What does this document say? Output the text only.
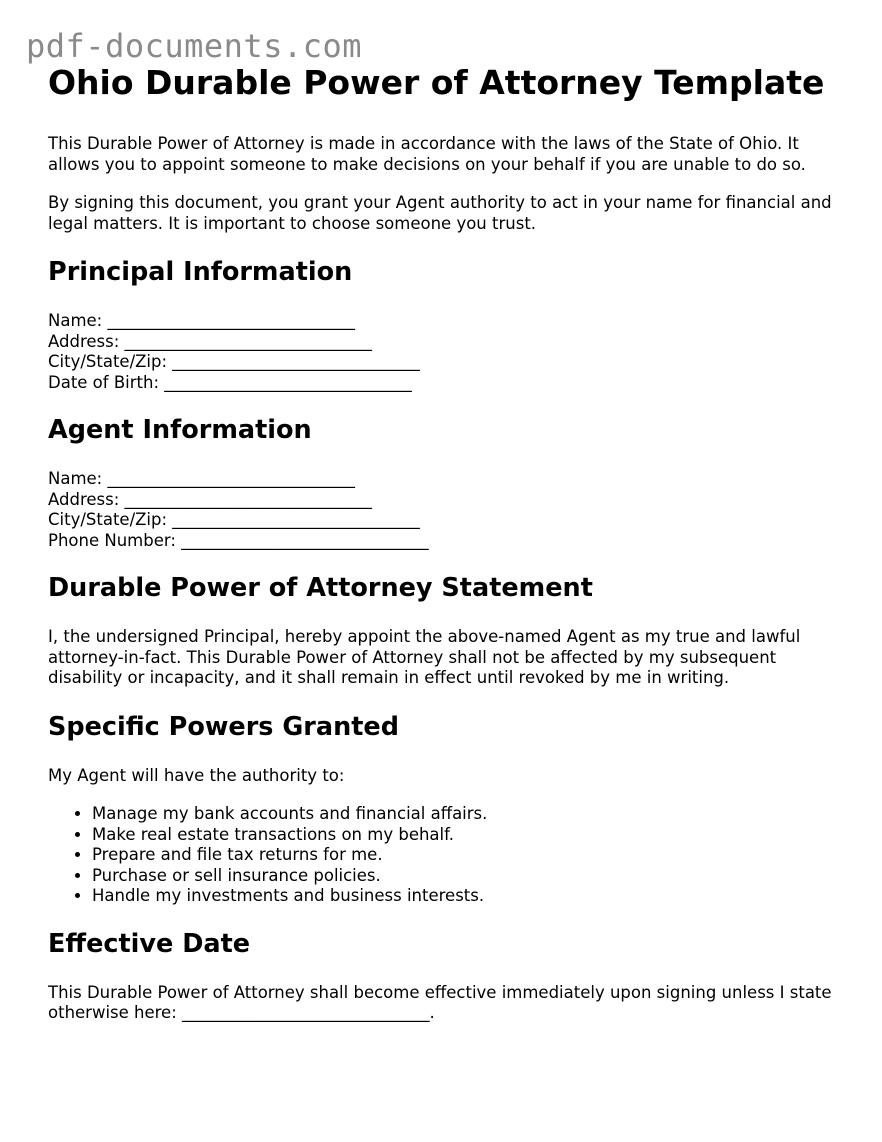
pdf-documents.com
Ohio Durable Power of Attorney Template

This Durable Power of Attorney is made in accordance with the laws of the State of Ohio. It allows you to appoint someone to make decisions on your behalf if you are unable to do so.

By signing this document, you grant your Agent authority to act in your name for financial and legal matters. It is important to choose someone you trust.

Principal Information
Name: ______________________________
Address: ______________________________
City/State/Zip: ______________________________
Date of Birth: ______________________________
Agent Information
Name: ______________________________
Address: ______________________________
City/State/Zip: ______________________________
Phone Number: ______________________________
Durable Power of Attorney Statement

I, the undersigned Principal, hereby appoint the above-named Agent as my true and lawful attorney-in-fact. This Durable Power of Attorney shall not be affected by my subsequent disability or incapacity, and it shall remain in effect until revoked by me in writing.

Specific Powers Granted

My Agent will have the authority to:

• Manage my bank accounts and financial affairs.
• Make real estate transactions on my behalf.
• Prepare and file tax returns for me.
• Purchase or sell insurance policies.
• Handle my investments and business interests.
Effective Date

This Durable Power of Attorney shall become effective immediately upon signing unless I state otherwise here: ______________________________.
